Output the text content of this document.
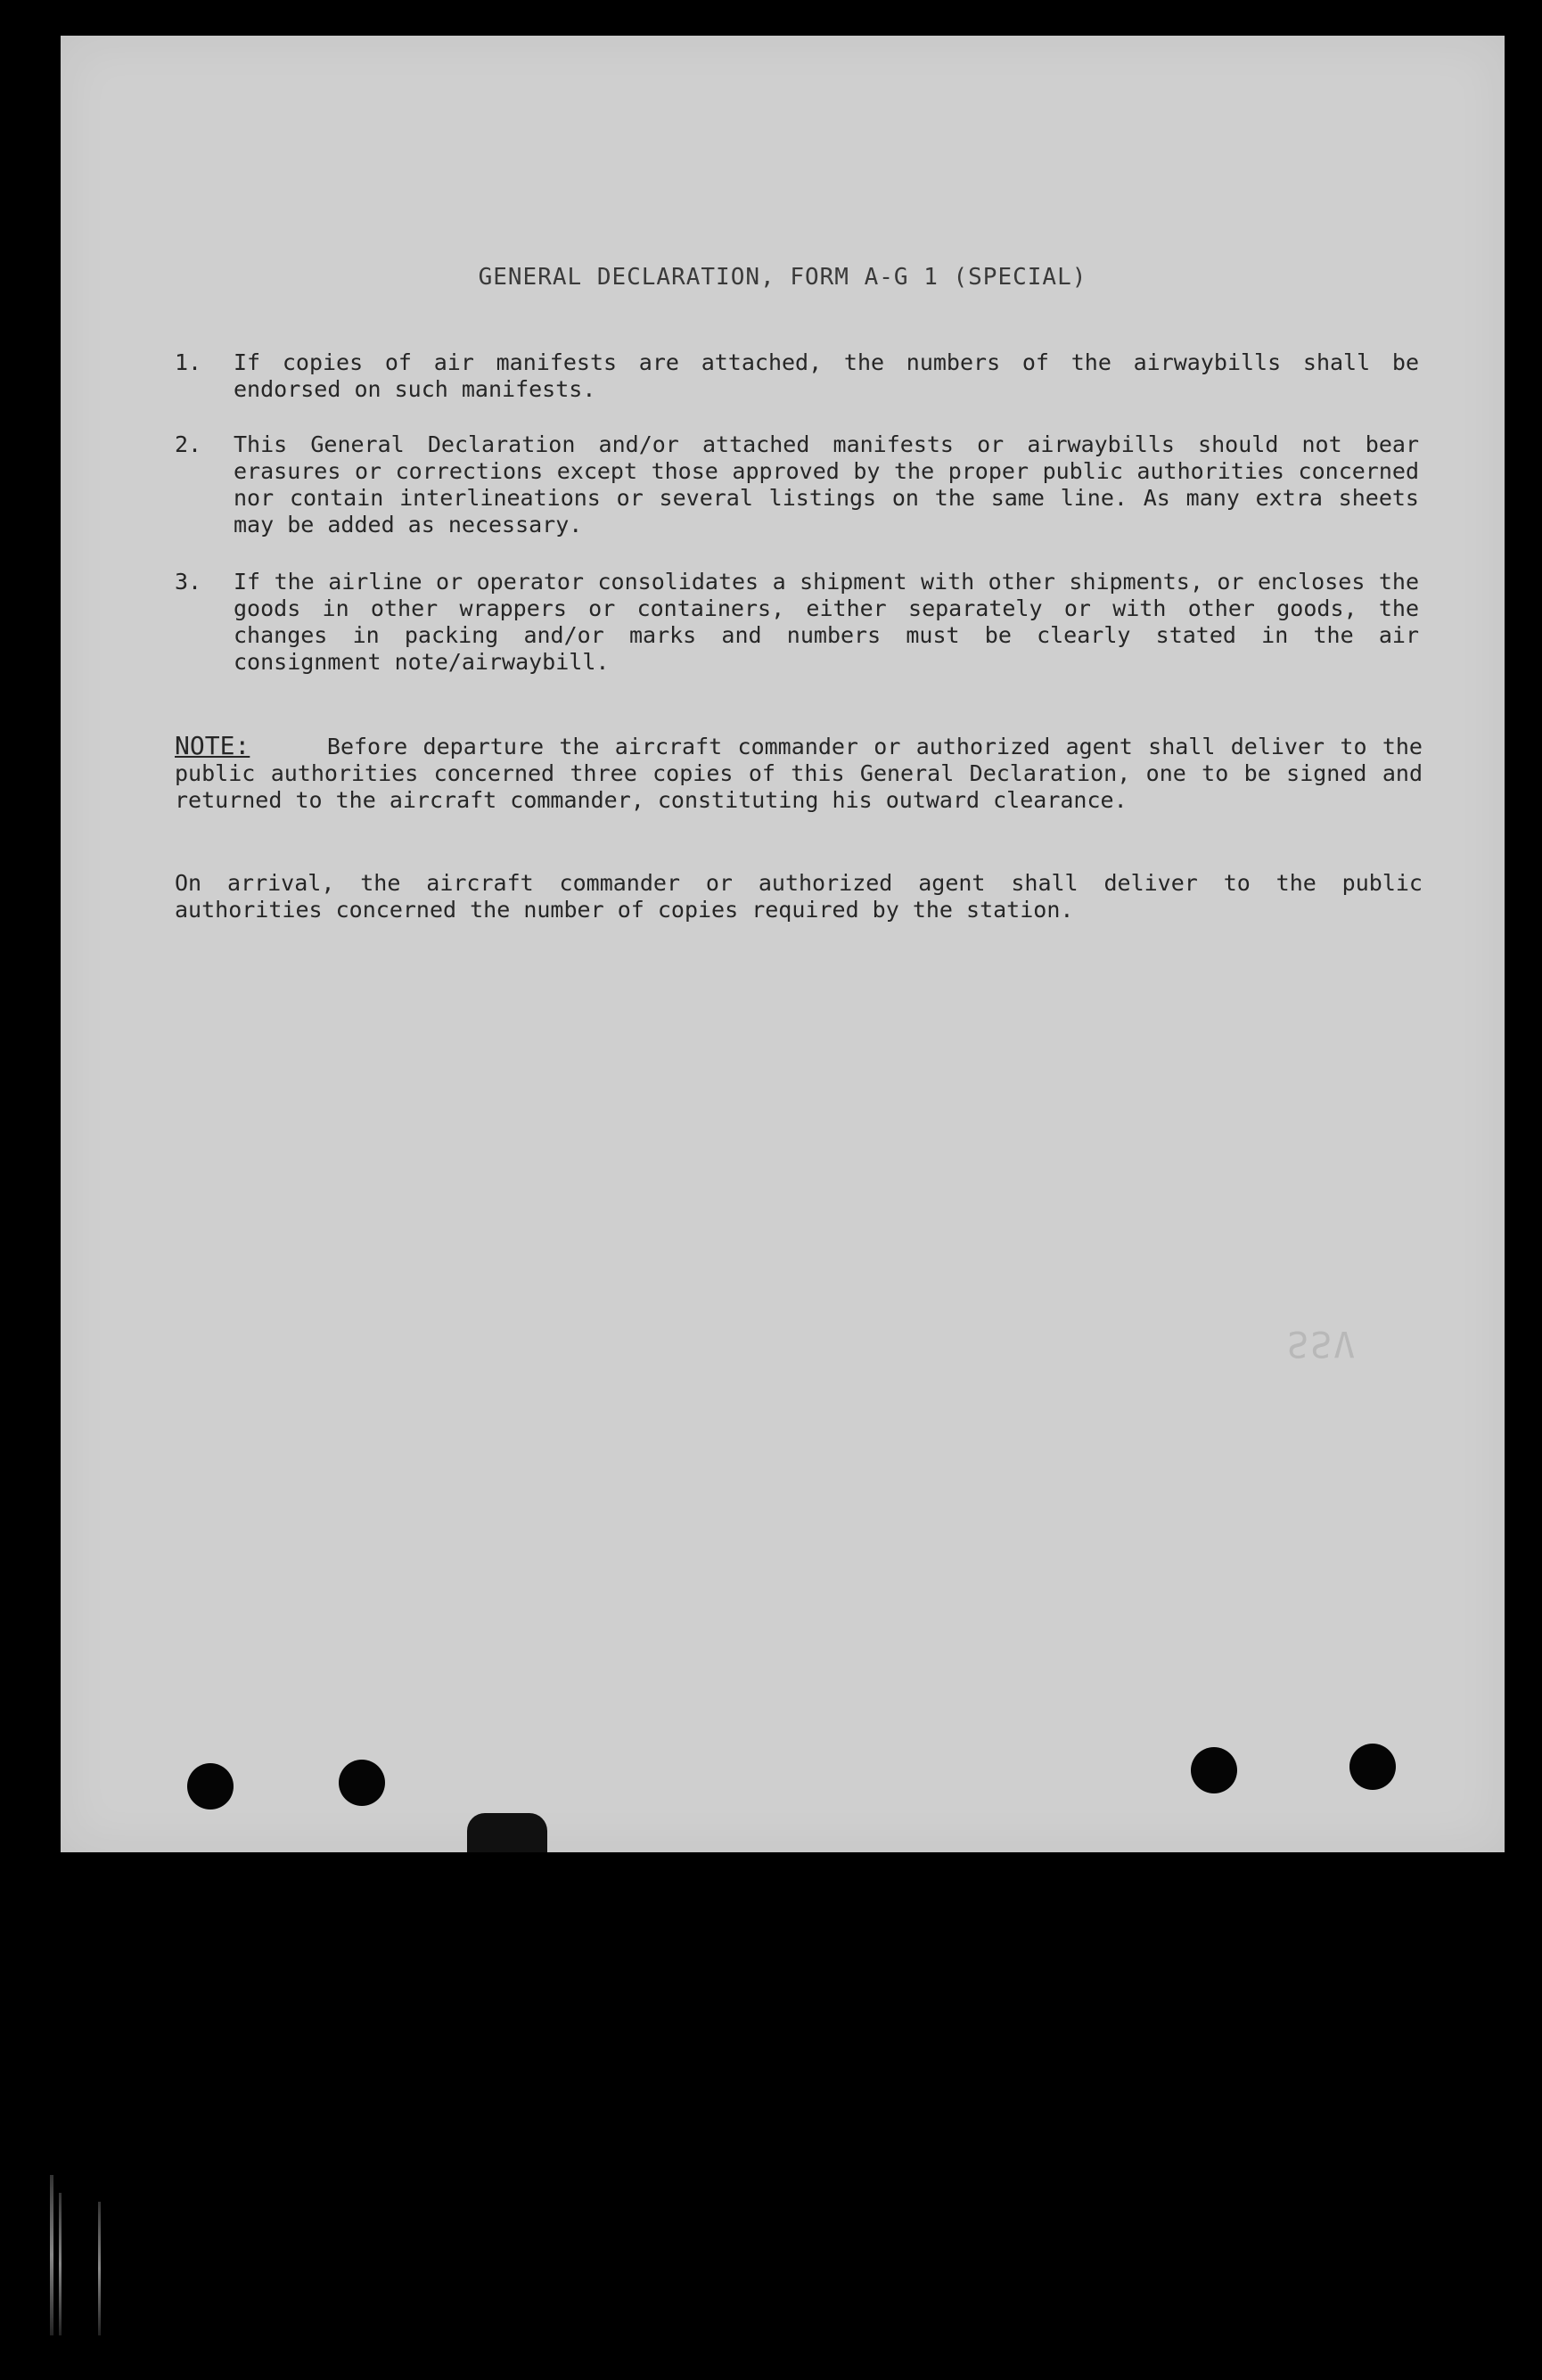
GENERAL DECLARATION, FORM A-G 1 (SPECIAL)
1. If copies of air manifests are attached, the numbers of the airwaybills shall be endorsed on such manifests.
2. This General Declaration and/or attached manifests or airwaybills should not bear erasures or corrections except those approved by the proper public authorities concerned nor contain interlineations or several listings on the same line. As many extra sheets may be added as necessary.
3. If the airline or operator consolidates a shipment with other shipments, or encloses the goods in other wrappers or containers, either separately or with other goods, the changes in packing and/or marks and numbers must be clearly stated in the air consignment note/airwaybill.
NOTE:	Before departure the aircraft commander or authorized agent shall deliver to the public authorities concerned three copies of this General Declaration, one to be signed and returned to the aircraft commander, constituting his outward clearance.
On arrival, the aircraft commander or authorized agent shall deliver to the public authorities concerned the number of copies required by the station.
SSV
